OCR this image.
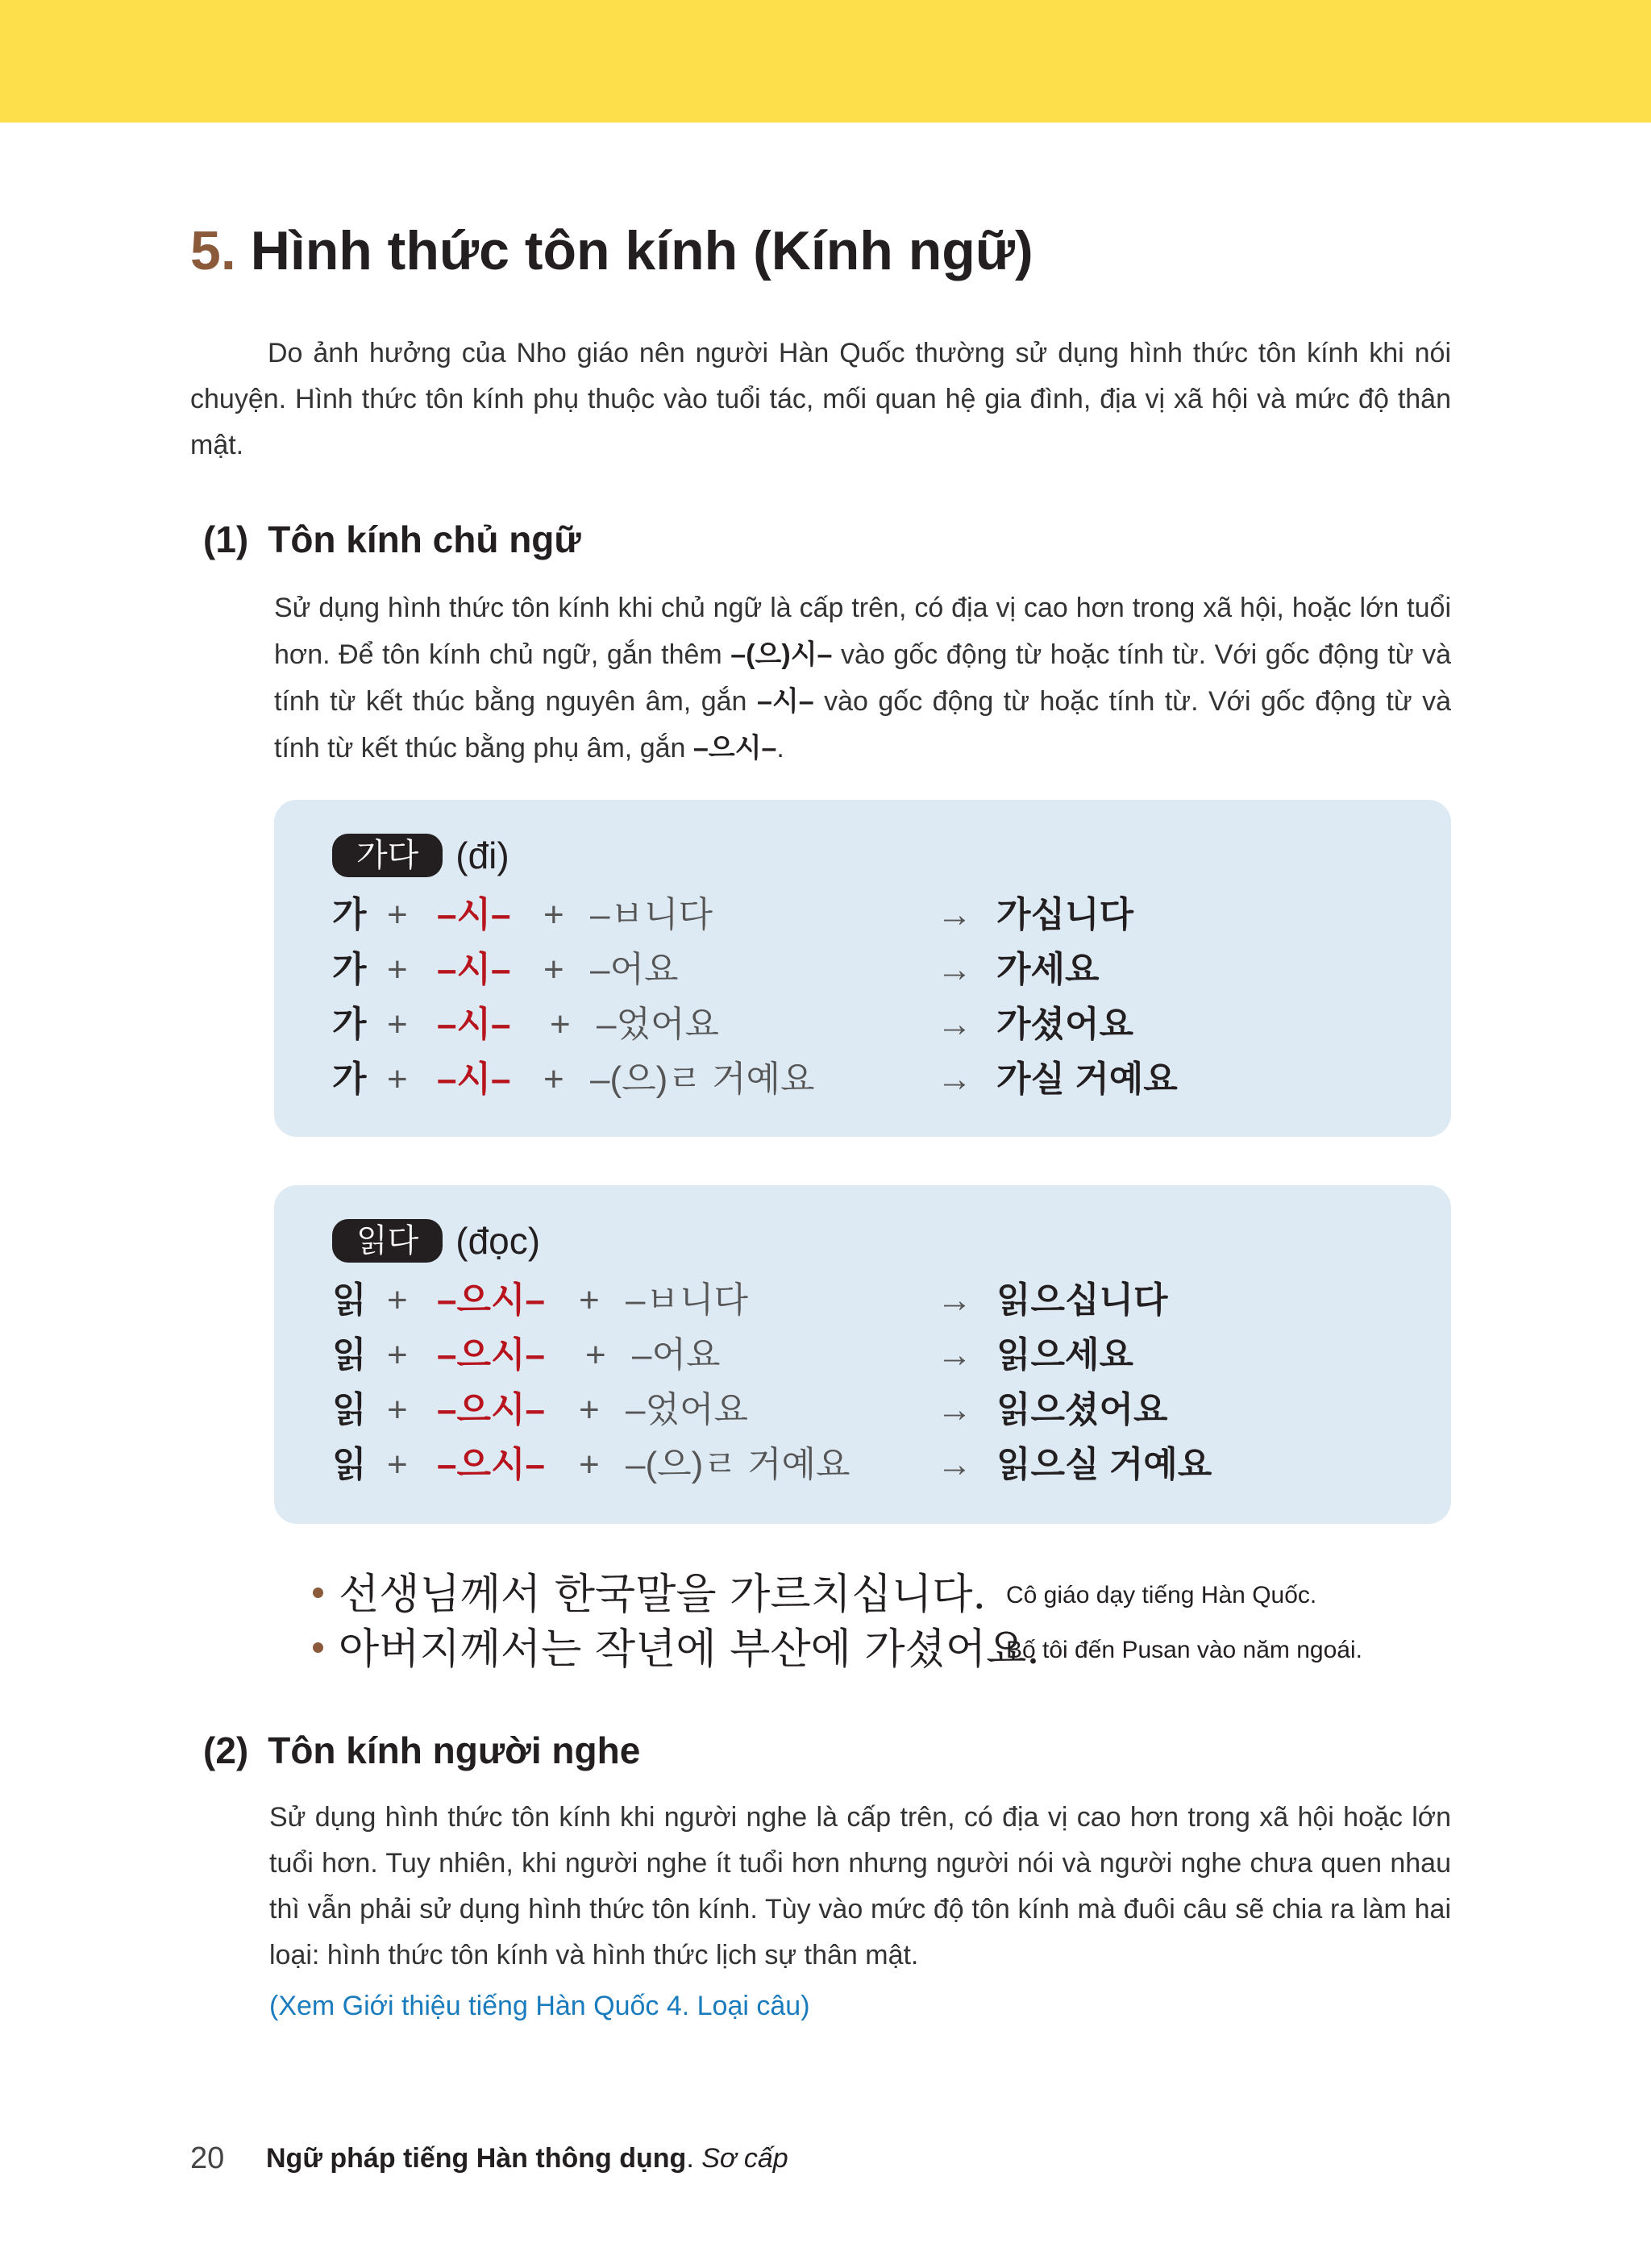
5. Hình thức tôn kính (Kính ngữ)
Do ảnh hưởng của Nho giáo nên người Hàn Quốc thường sử dụng hình thức tôn kính khi nói chuyện. Hình thức tôn kính phụ thuộc vào tuổi tác, mối quan hệ gia đình, địa vị xã hội và mức độ thân mật.
(1) Tôn kính chủ ngữ
Sử dụng hình thức tôn kính khi chủ ngữ là cấp trên, có địa vị cao hơn trong xã hội, hoặc lớn tuổi hơn. Để tôn kính chủ ngữ, gắn thêm –(으)시– vào gốc động từ hoặc tính từ. Với gốc động từ và tính từ kết thúc bằng nguyên âm, gắn –시– vào gốc động từ hoặc tính từ. Với gốc động từ và tính từ kết thúc bằng phụ âm, gắn –으시–.
가다 (đi)
가 + –시– + –ㅂ니다	→ 가십니다
가 + –시– + –어요	→ 가세요
가 + –시– + –었어요	→ 가셨어요
가 + –시– + –(으)ㄹ 거예요	→ 가실 거예요
읽다 (đọc)
읽 + –으시– + –ㅂ니다	→ 읽으십니다
읽 + –으시– + –어요	→ 읽으세요
읽 + –으시– + –었어요	→ 읽으셨어요
읽 + –으시– + –(으)ㄹ 거예요 → 읽으실 거예요
선생님께서 한국말을 가르치십니다. Cô giáo dạy tiếng Hàn Quốc.
아버지께서는 작년에 부산에 가셨어요.
Bố tôi đến Pusan vào năm ngoái.
(2) Tôn kính người nghe
Sử dụng hình thức tôn kính khi người nghe là cấp trên, có địa vị cao hơn trong xã hội hoặc lớn tuổi hơn. Tuy nhiên, khi người nghe ít tuổi hơn nhưng người nói và người nghe chưa quen nhau thì vẫn phải sử dụng hình thức tôn kính. Tùy vào mức độ tôn kính mà đuôi câu sẽ chia ra làm hai loại: hình thức tôn kính và hình thức lịch sự thân mật.
(Xem Giới thiệu tiếng Hàn Quốc 4. Loại câu)
20 Ngữ pháp tiếng Hàn thông dụng. Sơ cấp
